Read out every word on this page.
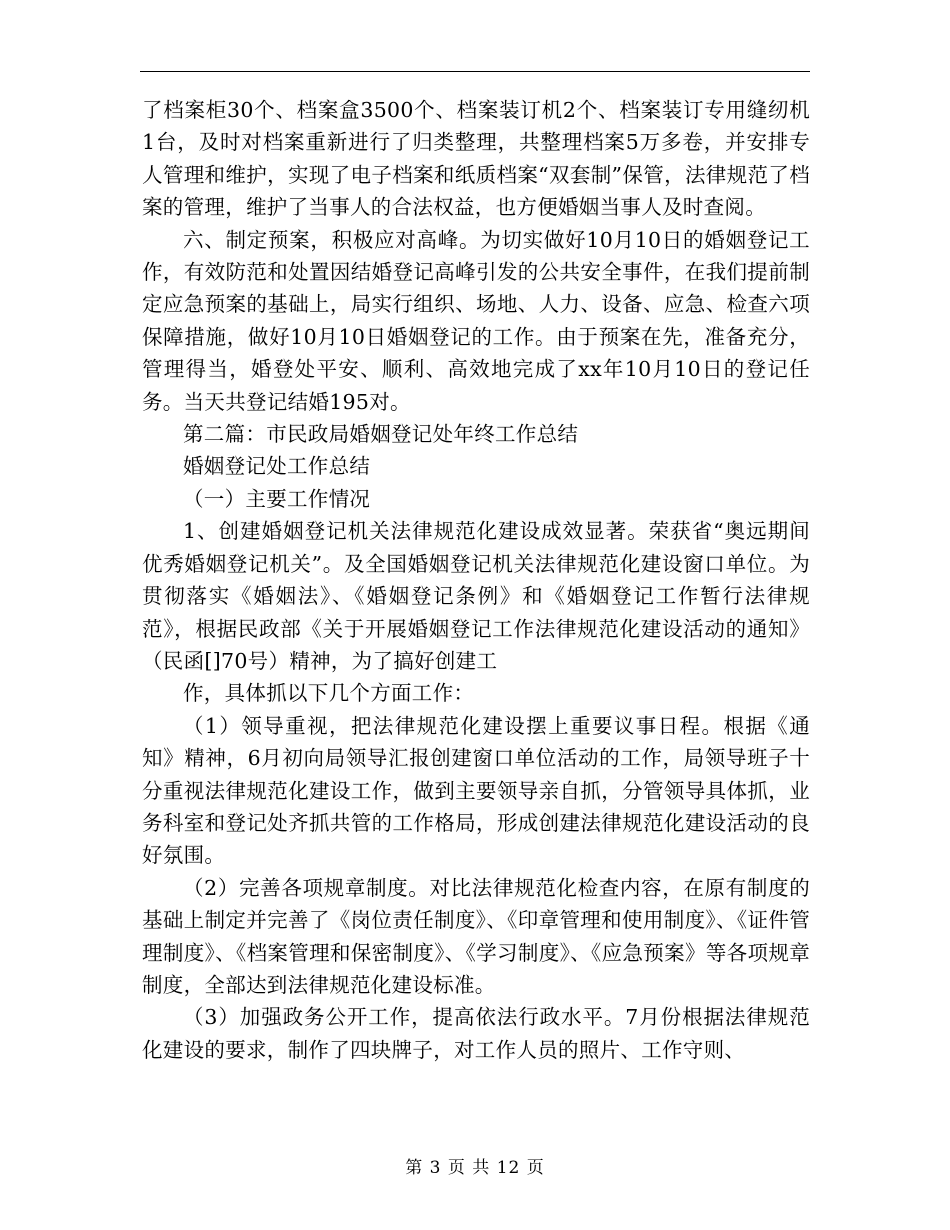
了档案柜30个、档案盒3500个、档案装订机2个、档案装订专用缝纫机1台，及时对档案重新进行了归类整理，共整理档案5万多卷，并安排专人管理和维护，实现了电子档案和纸质档案“双套制”保管，法律规范了档案的管理，维护了当事人的合法权益，也方便婚姻当事人及时查阅。

六、制定预案，积极应对高峰。为切实做好10月10日的婚姻登记工作，有效防范和处置因结婚登记高峰引发的公共安全事件，在我们提前制定应急预案的基础上，局实行组织、场地、人力、设备、应急、检查六项保障措施，做好10月10日婚姻登记的工作。由于预案在先，准备充分，管理得当，婚登处平安、顺利、高效地完成了xx年10月10日的登记任务。当天共登记结婚195对。

第二篇：市民政局婚姻登记处年终工作总结

婚姻登记处工作总结

（一）主要工作情况

1、创建婚姻登记机关法律规范化建设成效显著。荣获省“奥远期间优秀婚姻登记机关”。及全国婚姻登记机关法律规范化建设窗口单位。为贯彻落实《婚姻法》、《婚姻登记条例》和《婚姻登记工作暂行法律规范》，根据民政部《关于开展婚姻登记工作法律规范化建设活动的通知》（民函[]70号）精神，为了搞好创建工

作，具体抓以下几个方面工作：

（1）领导重视，把法律规范化建设摆上重要议事日程。根据《通知》精神，6月初向局领导汇报创建窗口单位活动的工作，局领导班子十分重视法律规范化建设工作，做到主要领导亲自抓，分管领导具体抓，业务科室和登记处齐抓共管的工作格局，形成创建法律规范化建设活动的良好氛围。

（2）完善各项规章制度。对比法律规范化检查内容，在原有制度的基础上制定并完善了《岗位责任制度》、《印章管理和使用制度》、《证件管理制度》、《档案管理和保密制度》、《学习制度》、《应急预案》等各项规章制度，全部达到法律规范化建设标准。

（3）加强政务公开工作，提高依法行政水平。7月份根据法律规范化建设的要求，制作了四块牌子，对工作人员的照片、工作守则、

第 3 页 共 12 页
